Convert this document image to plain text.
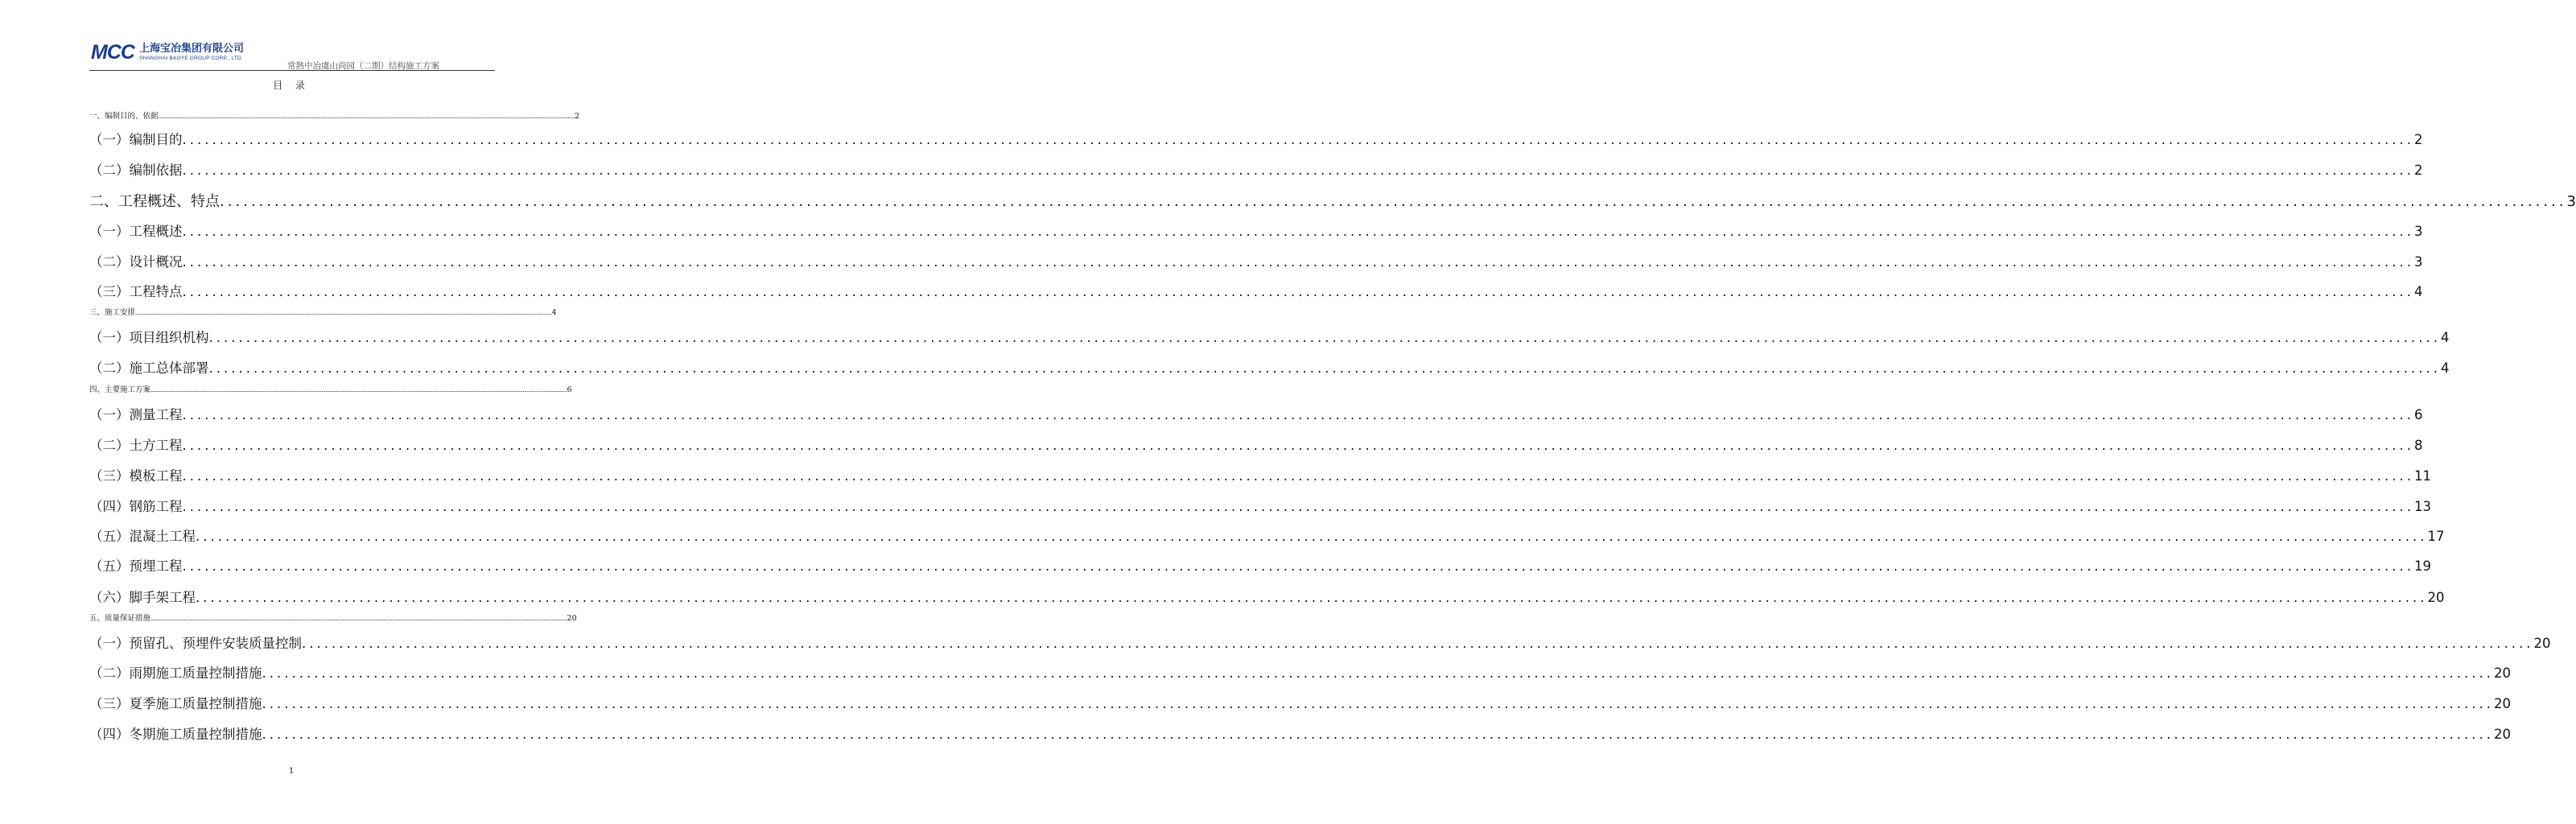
MCC 上海宝冶集团有限公司
SHANGHAI BAOYE GROUP CORP., LTD.
常熟中冶虞山尚园（二期）结构施工方案
目 录
一、编制目的、依据 ............................................................................................................................................................................................................................................................................................................ 2
（一）编制目的 ............................................................................................................................................................................................................................................................................................................ 2
（二）编制依据 ............................................................................................................................................................................................................................................................................................................ 2
二、工程概述、特点 ............................................................................................................................................................................................................................................................................................................ 3
（一）工程概述 ............................................................................................................................................................................................................................................................................................................ 3
（二）设计概况 ............................................................................................................................................................................................................................................................................................................ 3
（三）工程特点 ............................................................................................................................................................................................................................................................................................................ 4
三、施工安排 ............................................................................................................................................................................................................................................................................................................ 4
（一）项目组织机构 ............................................................................................................................................................................................................................................................................................................ 4
（二）施工总体部署 ............................................................................................................................................................................................................................................................................................................ 4
四、主要施工方案 ............................................................................................................................................................................................................................................................................................................ 6
（一）测量工程 ............................................................................................................................................................................................................................................................................................................ 6
（二）土方工程 ............................................................................................................................................................................................................................................................................................................ 8
（三）模板工程 ............................................................................................................................................................................................................................................................................................................ 11
（四）钢筋工程 ............................................................................................................................................................................................................................................................................................................ 13
（五）混凝土工程 ............................................................................................................................................................................................................................................................................................................ 17
（五）预埋工程 ............................................................................................................................................................................................................................................................................................................ 19
（六）脚手架工程 ............................................................................................................................................................................................................................................................................................................ 20
五、质量保证措施 ............................................................................................................................................................................................................................................................................................................ 20
（一）预留孔、预埋件安装质量控制 ............................................................................................................................................................................................................................................................................................................ 20
（二）雨期施工质量控制措施 ............................................................................................................................................................................................................................................................................................................ 20
（三）夏季施工质量控制措施 ............................................................................................................................................................................................................................................................................................................ 20
（四）冬期施工质量控制措施 ............................................................................................................................................................................................................................................................................................................ 20
1
